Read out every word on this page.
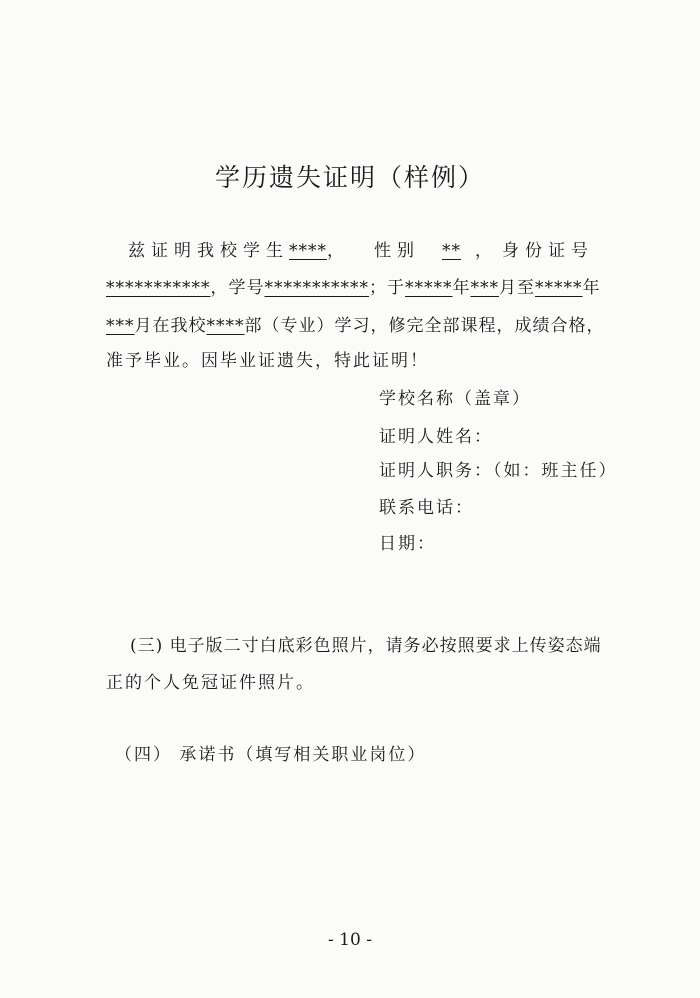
学历遗失证明（样例）
兹证明我校学生****， 性别 ** ， 身份证号
***********，学号***********；于*****年***月至*****年
***月在我校****部（专业）学习，修完全部课程，成绩合格，
准予毕业。因毕业证遗失，特此证明！
学校名称（盖章）
证明人姓名：
证明人职务：（如：班主任）
联系电话：
日期：
(三) 电子版二寸白底彩色照片，请务必按照要求上传姿态端
正的个人免冠证件照片。
（四） 承诺书（填写相关职业岗位）
- 10 -
